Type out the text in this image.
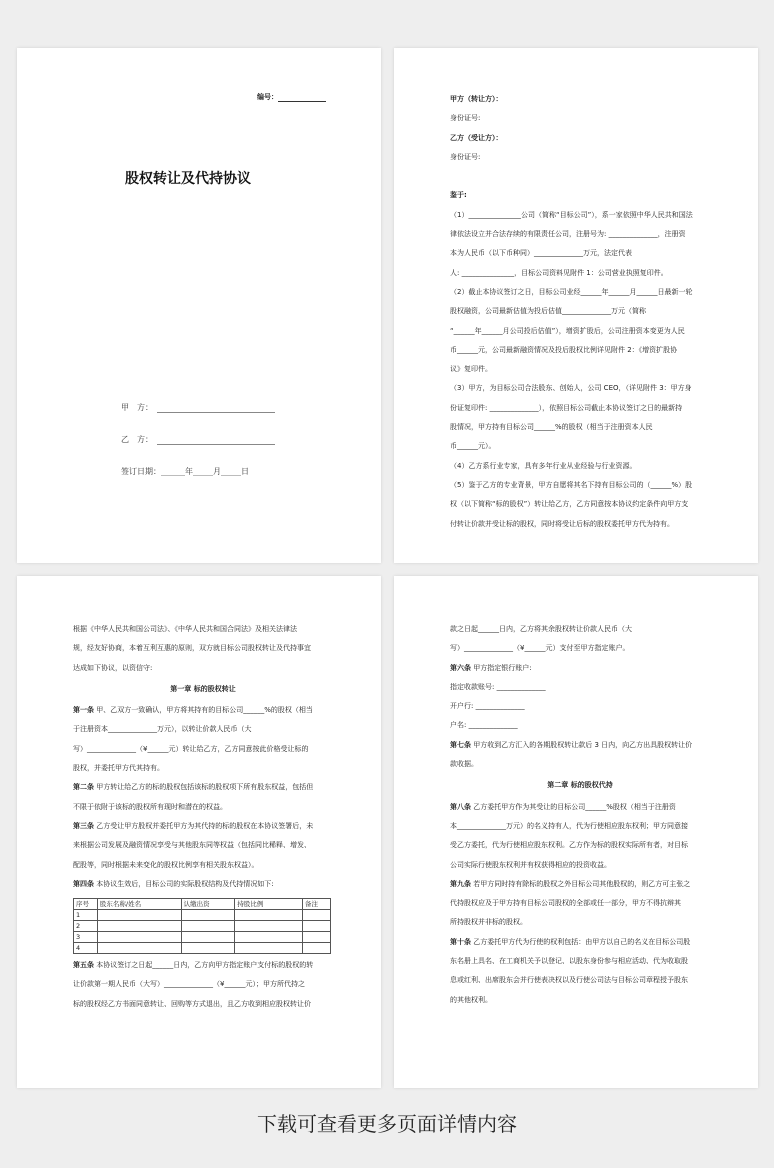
编号：
股权转让及代持协议
甲　方：
乙　方：
签订日期：______年_____月_____日

甲方（转让方）：

身份证号:

乙方（受让方）：

身份证号:

鉴于:

（1）_______________公司（简称“目标公司”），系一家依照中华人民共和国法

律依法设立并合法存续的有限责任公司，注册号为: ______________，注册资

本为人民币（以下币种同）______________万元，法定代表

人: _______________，目标公司资料见附件 1：公司营业执照复印件。

（2）截止本协议签订之日，目标公司业经______年______月______日最新一轮

股权融资，公司最新估值为投后估值______________万元（简称

“______年______月公司投后估值”），增资扩股后，公司注册资本变更为人民

币______元，公司最新融资情况及投后股权比例详见附件 2：《增资扩股协

议》复印件。

（3）甲方，为目标公司合法股东、创始人，公司 CEO，（详见附件 3：甲方身

份证复印件: ______________），依照目标公司截止本协议签订之日的最新持

股情况，甲方持有目标公司______%的股权（相当于注册资本人民

币______元）。

（4）乙方系行业专家，具有多年行业从业经验与行业资源。

（5）鉴于乙方的专业背景，甲方自愿将其名下持有目标公司的（______%）股

权（以下简称“标的股权”）转让给乙方，乙方同意按本协议约定条件向甲方支

付转让价款并受让标的股权，同时将受让后标的股权委托甲方代为持有。

根据《中华人民共和国公司法》、《中华人民共和国合同法》及相关法律法

规，经友好协商，本着互利互惠的原则，双方就目标公司股权转让及代持事宜

达成如下协议，以资信守:

第一章 标的股权转让

第一条 甲、乙双方一致确认，甲方将其持有的目标公司______%的股权（相当

于注册资本______________万元），以转让价款人民币（大

写）______________（¥______元）转让给乙方，乙方同意按此价格受让标的

股权，并委托甲方代其持有。

第二条 甲方转让给乙方的标的股权包括该标的股权项下所有股东权益，包括但

不限于依附于该标的股权所有现时和潜在的权益。

第三条 乙方受让甲方股权并委托甲方为其代持的标的股权在本协议签署后，未

来根据公司发展及融资情况享受与其他股东同等权益（包括同比稀释、增发、

配股等，同时根据未来变化的股权比例享有相关股东权益）。

第四条 本协议生效后，目标公司的实际股权结构及代持情况如下:

序号	股东名称/姓名	认缴出资	持股比例	备注
1				
2				
3				
4				

第五条 本协议签订之日起______日内，乙方向甲方指定账户支付标的股权的转

让价款第一期人民币（大写）______________（¥______元）；甲方所代持之

标的股权经乙方书面同意转让、回购等方式退出，且乙方收到相应股权转让价

款之日起______日内，乙方将其余股权转让价款人民币（大

写）______________（¥______元）支付至甲方指定账户。

第六条 甲方指定银行账户:

指定收款账号: ______________

开户行: ______________

户名: ______________

第七条 甲方收到乙方汇入的各期股权转让款后 3 日内，向乙方出具股权转让价

款收据。

第二章 标的股权代持

第八条 乙方委托甲方作为其受让的目标公司______%股权（相当于注册资

本______________万元）的名义持有人，代为行使相应股东权利；甲方同意接

受乙方委托，代为行使相应股东权利。乙方作为标的股权实际所有者，对目标

公司实际行使股东权利并有权获得相应的投资收益。

第九条 若甲方同时持有除标的股权之外目标公司其他股权的，则乙方可主张之

代持股权应及于甲方持有目标公司股权的全部或任一部分，甲方不得抗辩其

所持股权并非标的股权。

第十条 乙方委托甲方代为行使的权利包括：由甲方以自己的名义在目标公司股

东名册上具名、在工商机关予以登记、以股东身份参与相应活动、代为收取股

息或红利、出席股东会并行使表决权以及行使公司法与目标公司章程授予股东

的其他权利。

下载可查看更多页面详情内容
